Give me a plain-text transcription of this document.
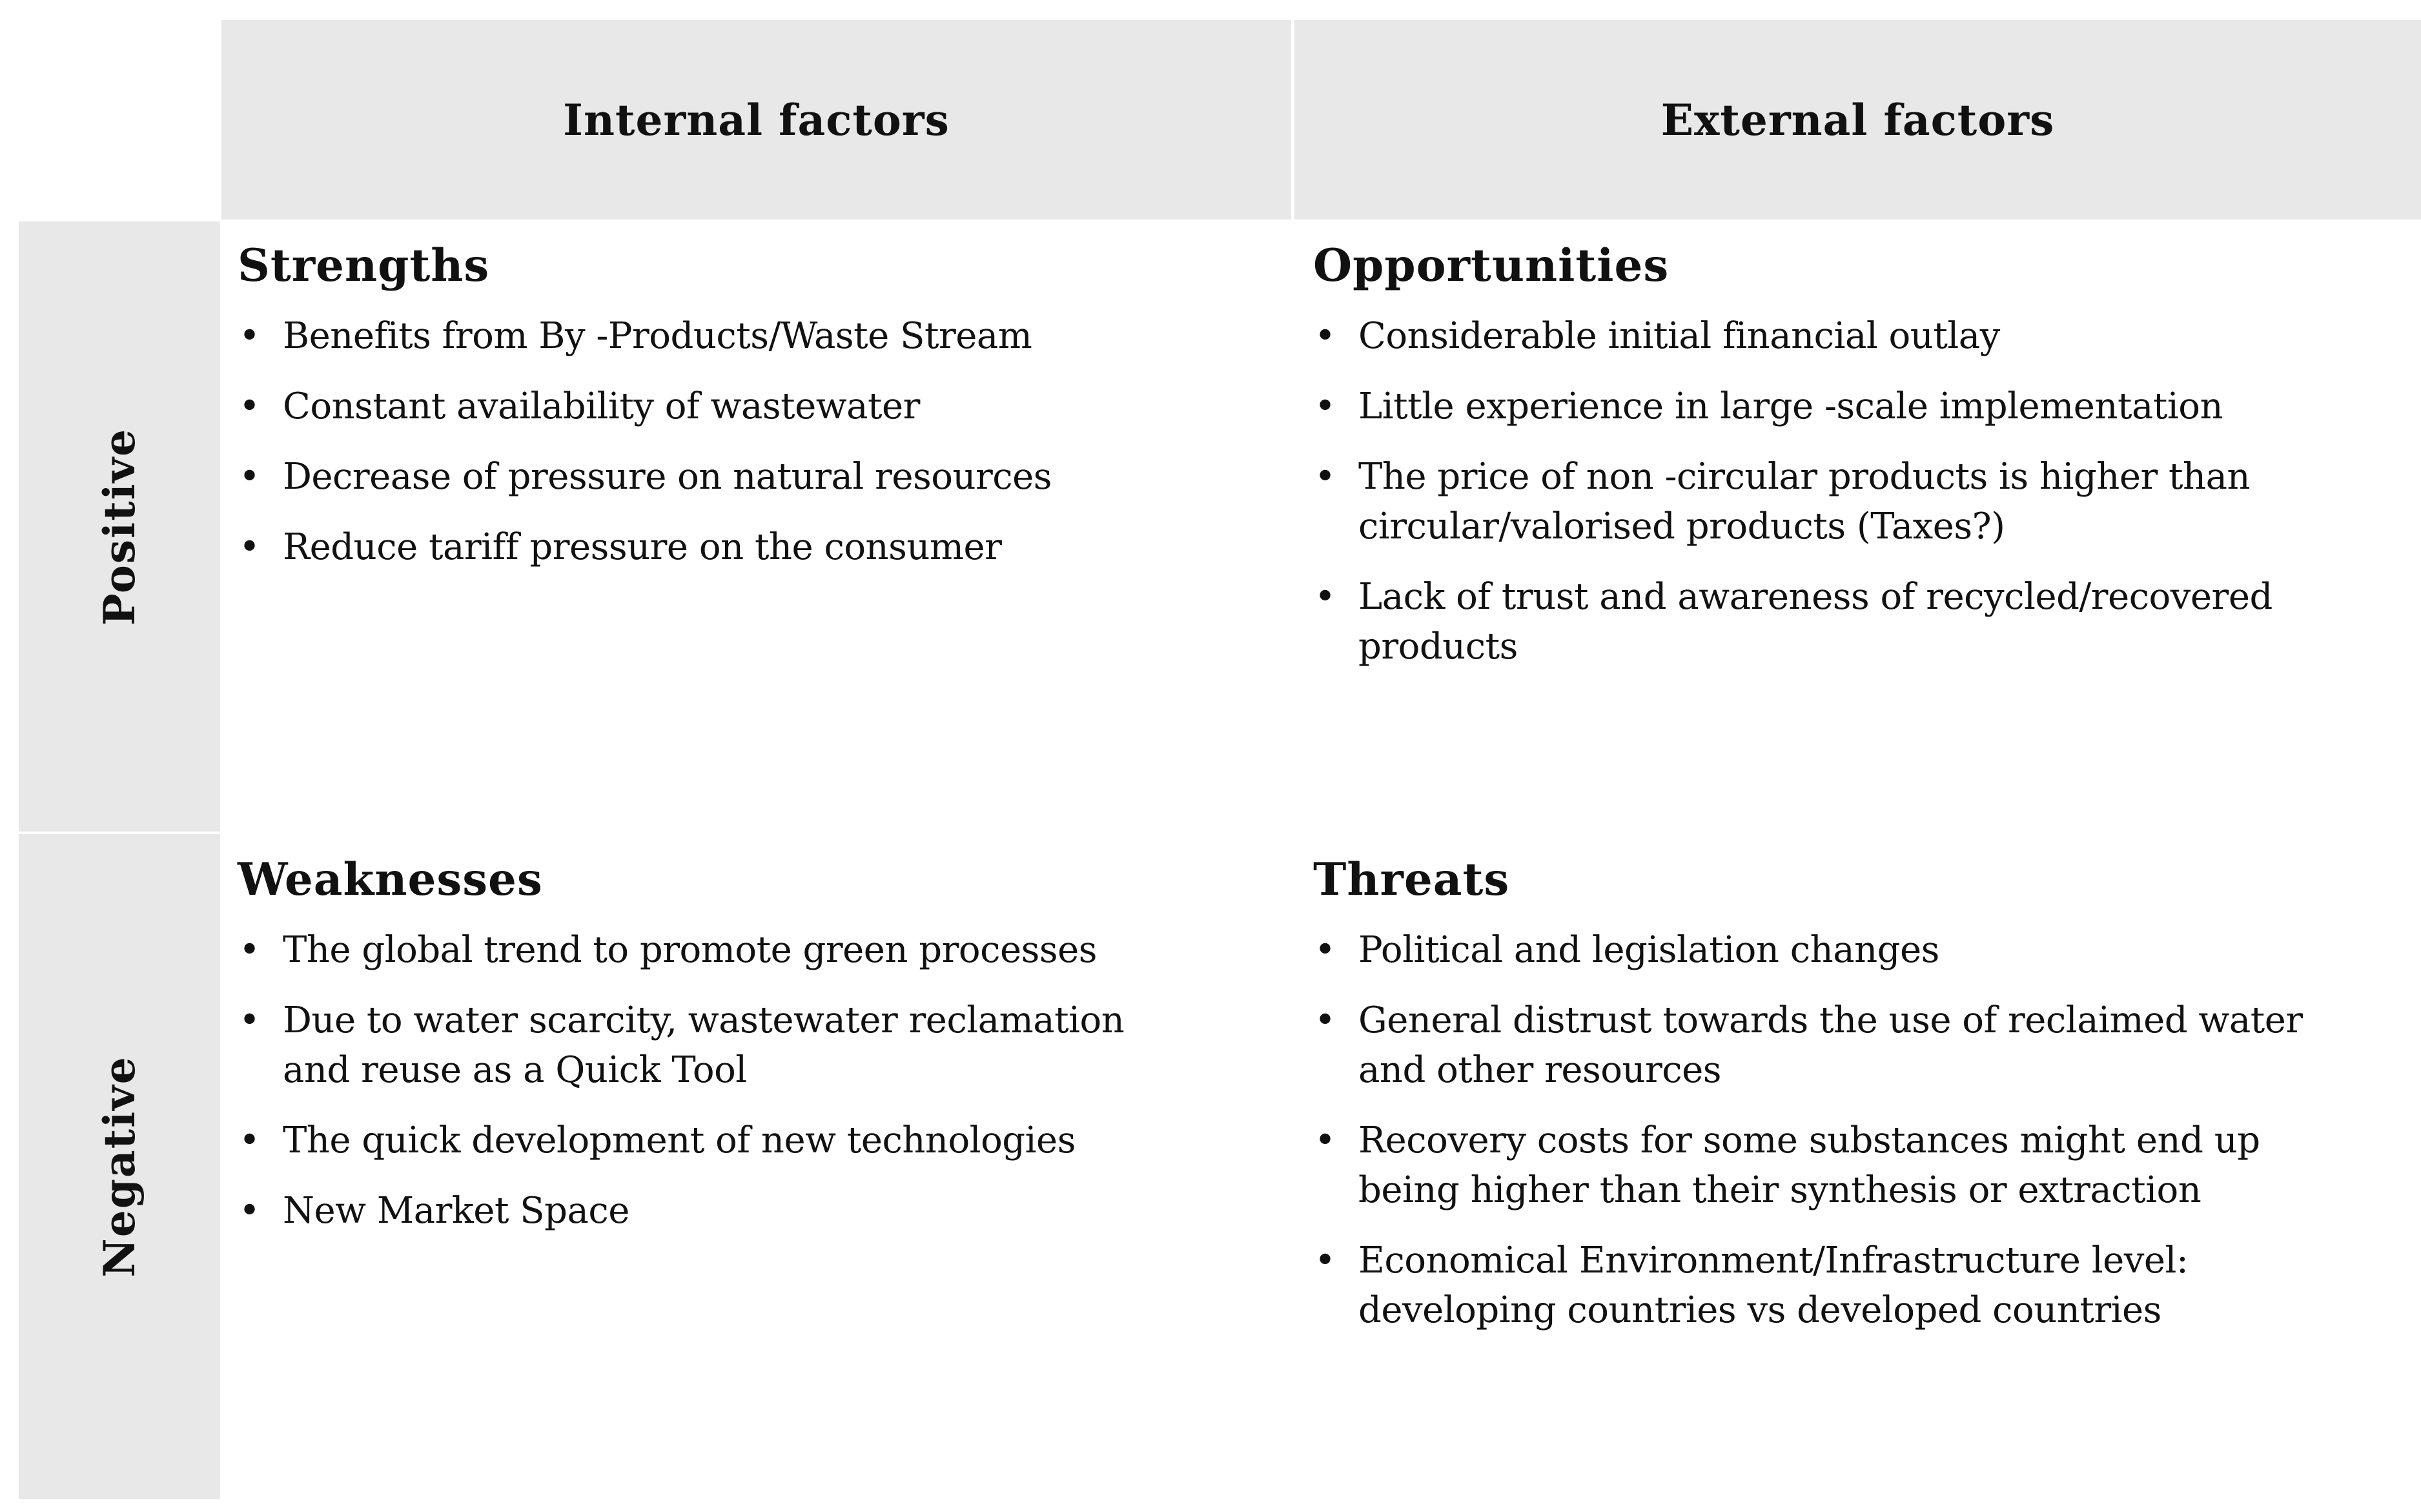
Internal factors	External factors
Positive
Negative
Strengths
• Benefits from By -Products/Waste Stream
• Constant availability of wastewater
• Decrease of pressure on natural resources
• Reduce tariff pressure on the consumer
Opportunities
• Considerable initial financial outlay
• Little experience in large -scale implementation
• The price of non -circular products is higher than circular/valorised products (Taxes?)
• Lack of trust and awareness of recycled/recovered products
Weaknesses
• The global trend to promote green processes
• Due to water scarcity, wastewater reclamation and reuse as a Quick Tool
• The quick development of new technologies
• New Market Space
Threats
• Political and legislation changes
• General distrust towards the use of reclaimed water and other resources
• Recovery costs for some substances might end up being higher than their synthesis or extraction
• Economical Environment/Infrastructure level: developing countries vs developed countries
